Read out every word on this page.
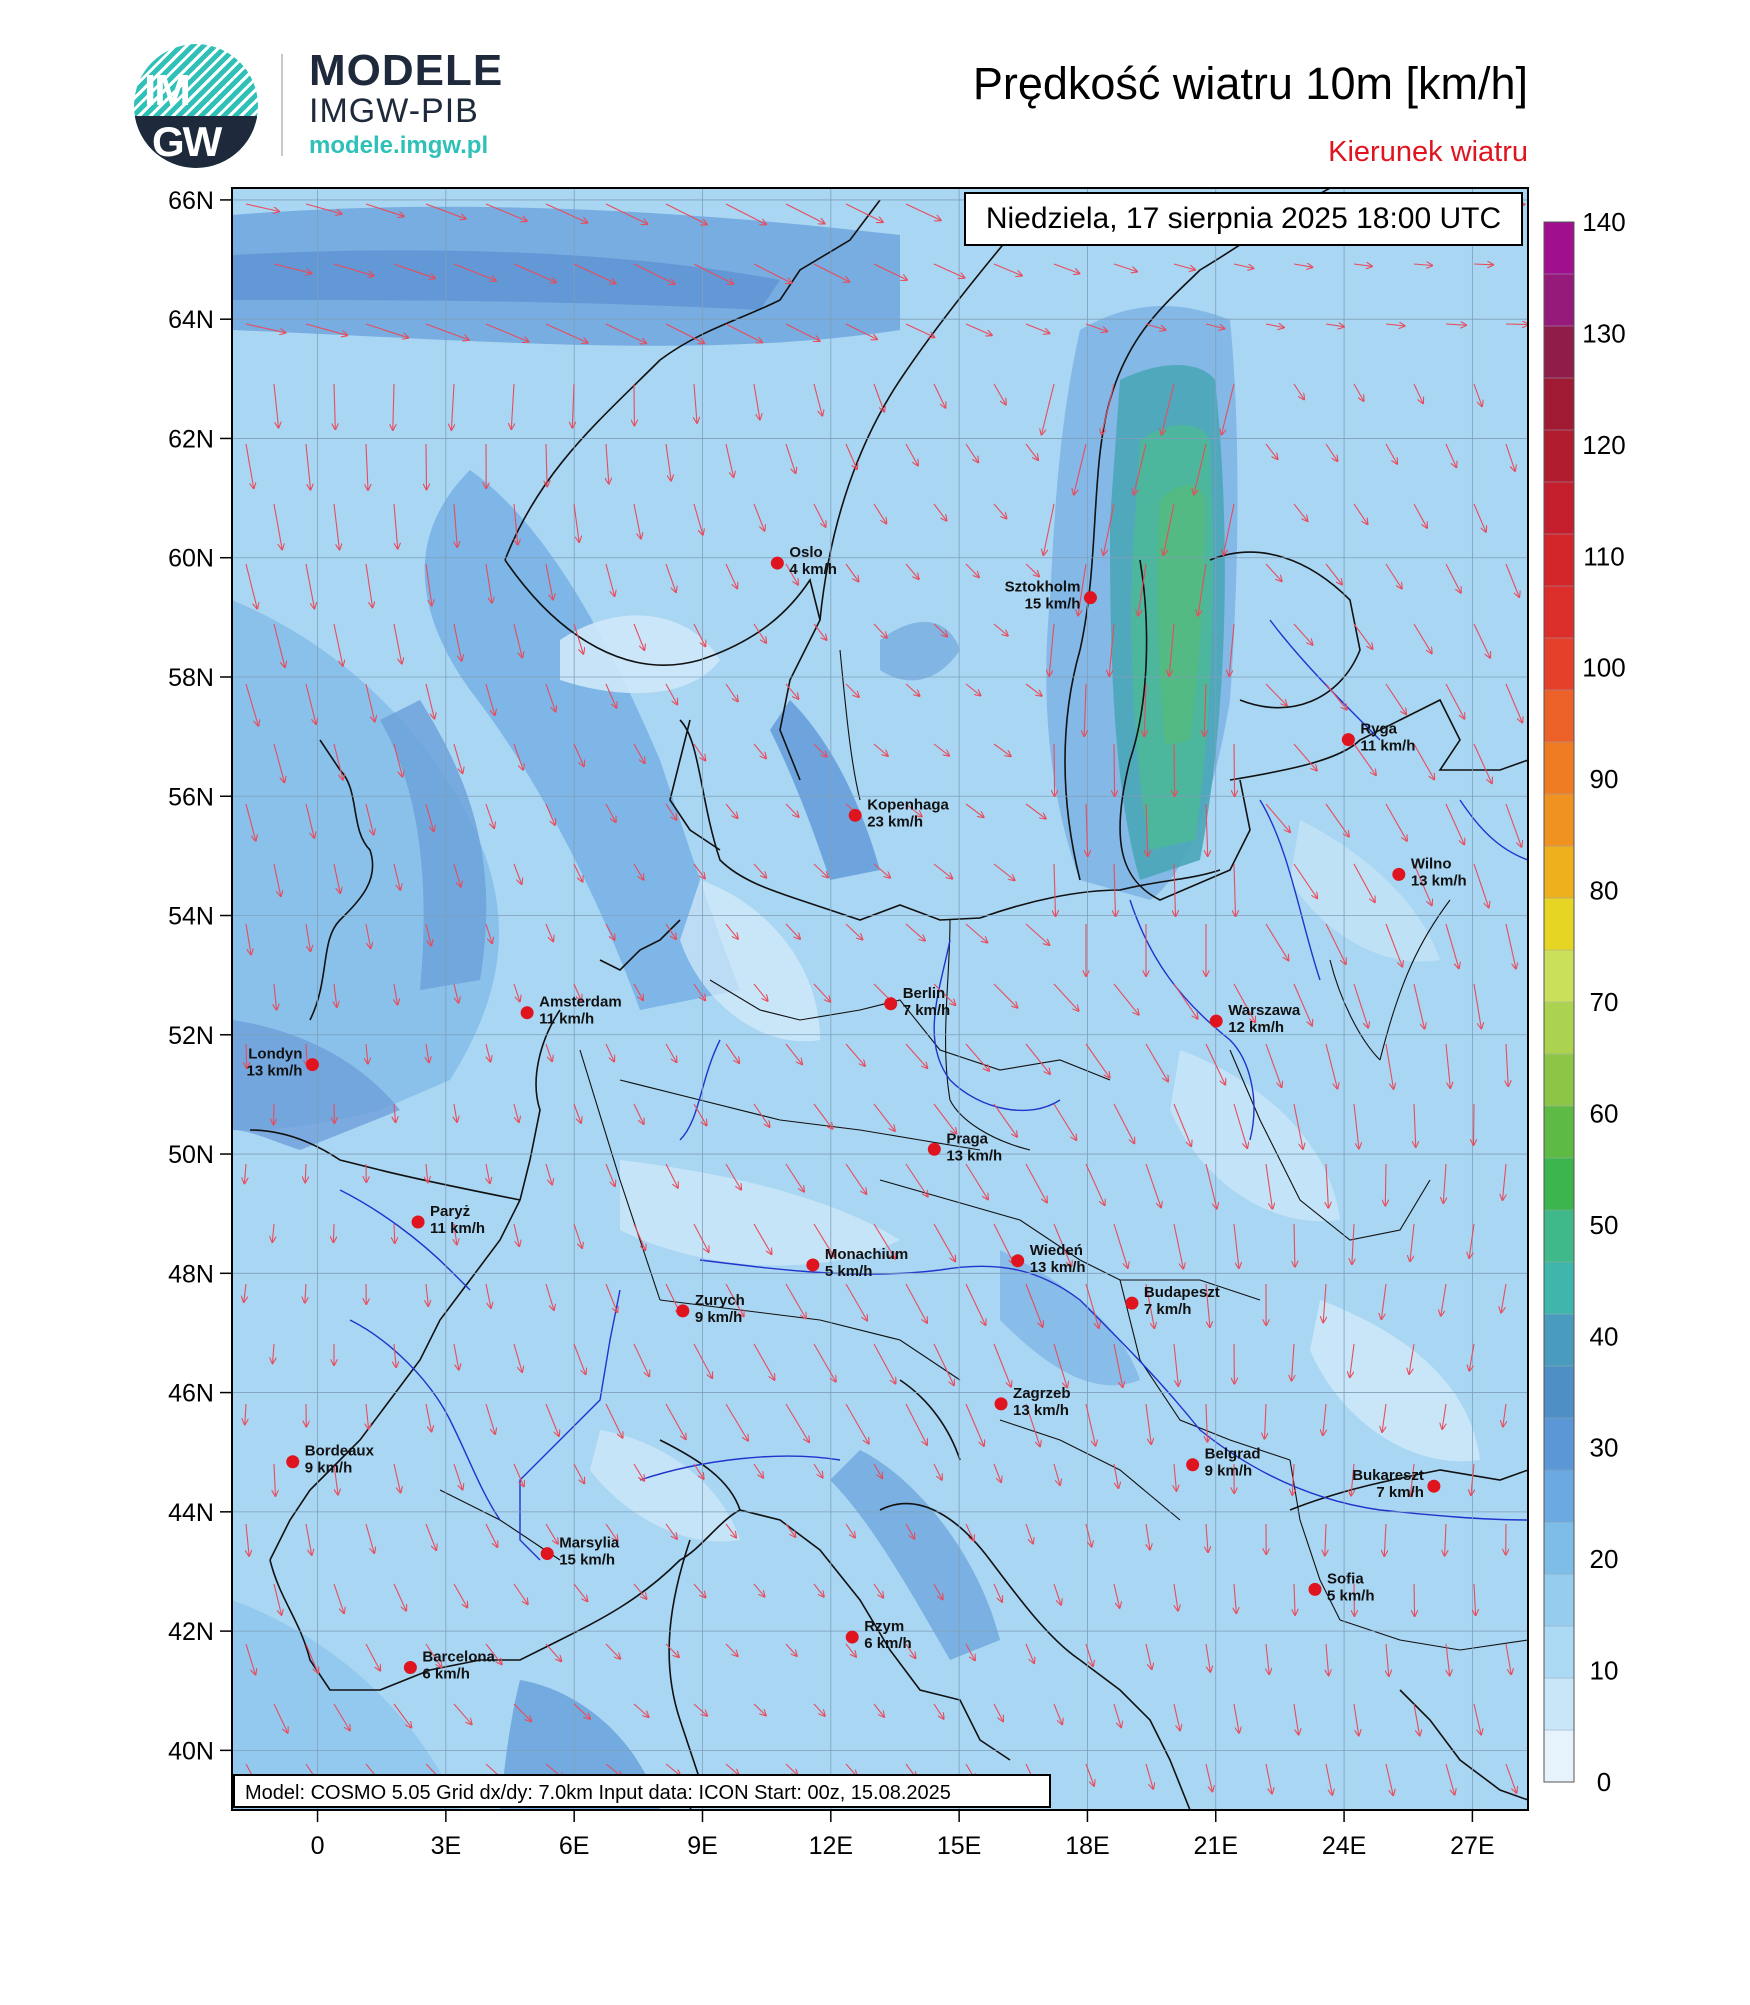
IM
GW
MODELE
IMGW-PIB
modele.imgw.pl
Prędkość wiatru 10m [km/h]
Kierunek wiatru
66N
64N
62N
60N
58N
56N
54N
52N
50N
48N
46N
44N
42N
40N
0	3E	6E	9E	12E	15E	18E	21E	24E	27E
Oslo
4 km/h
Sztokholm
15 km/h
Ryga
11 km/h
Kopenhaga
23 km/h
Wilno
13 km/h
Amsterdam
11 km/h
Berlin
7 km/h	Warszawa
12 km/h
Londyn
13 km/h
Praga
13 km/h
Paryż
11 km/h
Monachium
5 km/h
Wiedeń
13 km/h
Zurych
9 km/h
Budapeszt
7 km/h
Zagrzeb
13 km/h
Bordeaux
9 km/h
Belgrad
9 km/h	Bukareszt
7 km/h
Marsylia
15 km/h
Sofia
5 km/h
Rzym
6 km/h
Barcelona
6 km/h
0
10
20
30
40
50
60
70
80
90
100
110
120
130
140
Niedziela, 17 sierpnia 2025 18:00 UTC
Model: COSMO 5.05 Grid dx/dy: 7.0km Input data: ICON Start: 00z, 15.08.2025
